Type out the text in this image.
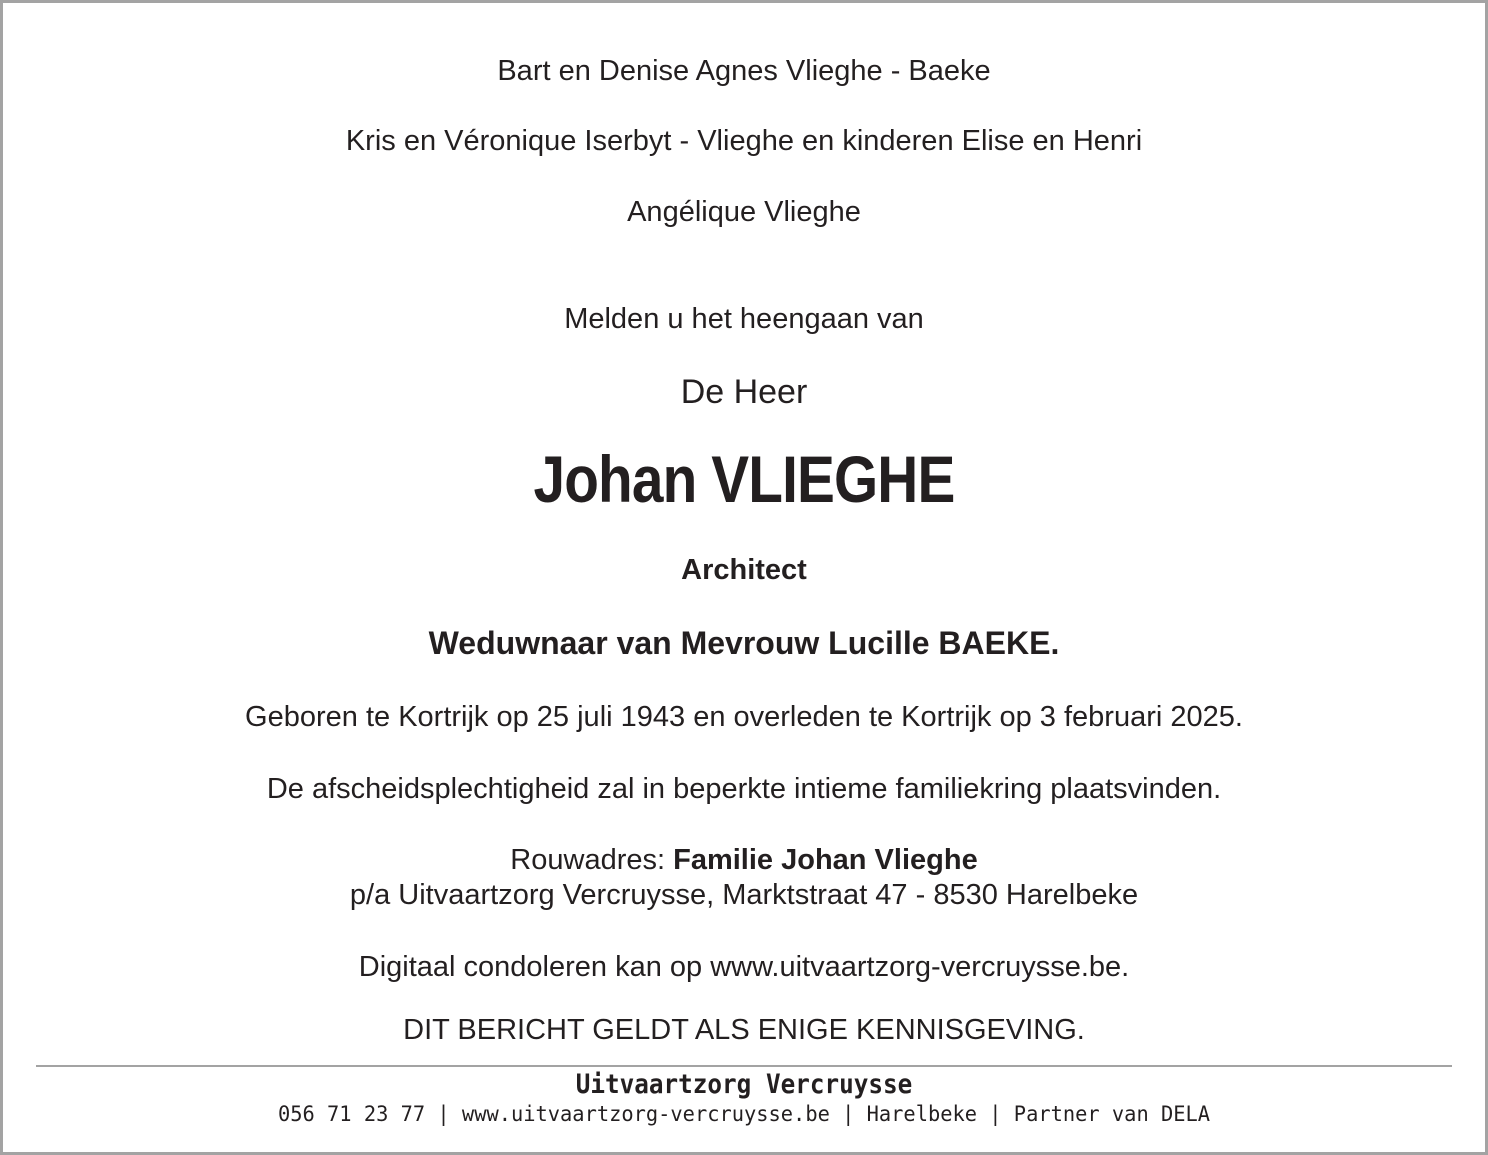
Bart en Denise Agnes Vlieghe - Baeke
Kris en Véronique Iserbyt - Vlieghe en kinderen Elise en Henri
Angélique Vlieghe
Melden u het heengaan van
De Heer
Johan VLIEGHE
Architect
Weduwnaar van Mevrouw Lucille BAEKE.
Geboren te Kortrijk op 25 juli 1943 en overleden te Kortrijk op 3 februari 2025.
De afscheidsplechtigheid zal in beperkte intieme familiekring plaatsvinden.
Rouwadres: Familie Johan Vlieghe
p/a Uitvaartzorg Vercruysse, Marktstraat 47 - 8530 Harelbeke
Digitaal condoleren kan op www.uitvaartzorg-vercruysse.be.
DIT BERICHT GELDT ALS ENIGE KENNISGEVING.
Uitvaartzorg Vercruysse
056 71 23 77 | www.uitvaartzorg-vercruysse.be | Harelbeke | Partner van DELA
